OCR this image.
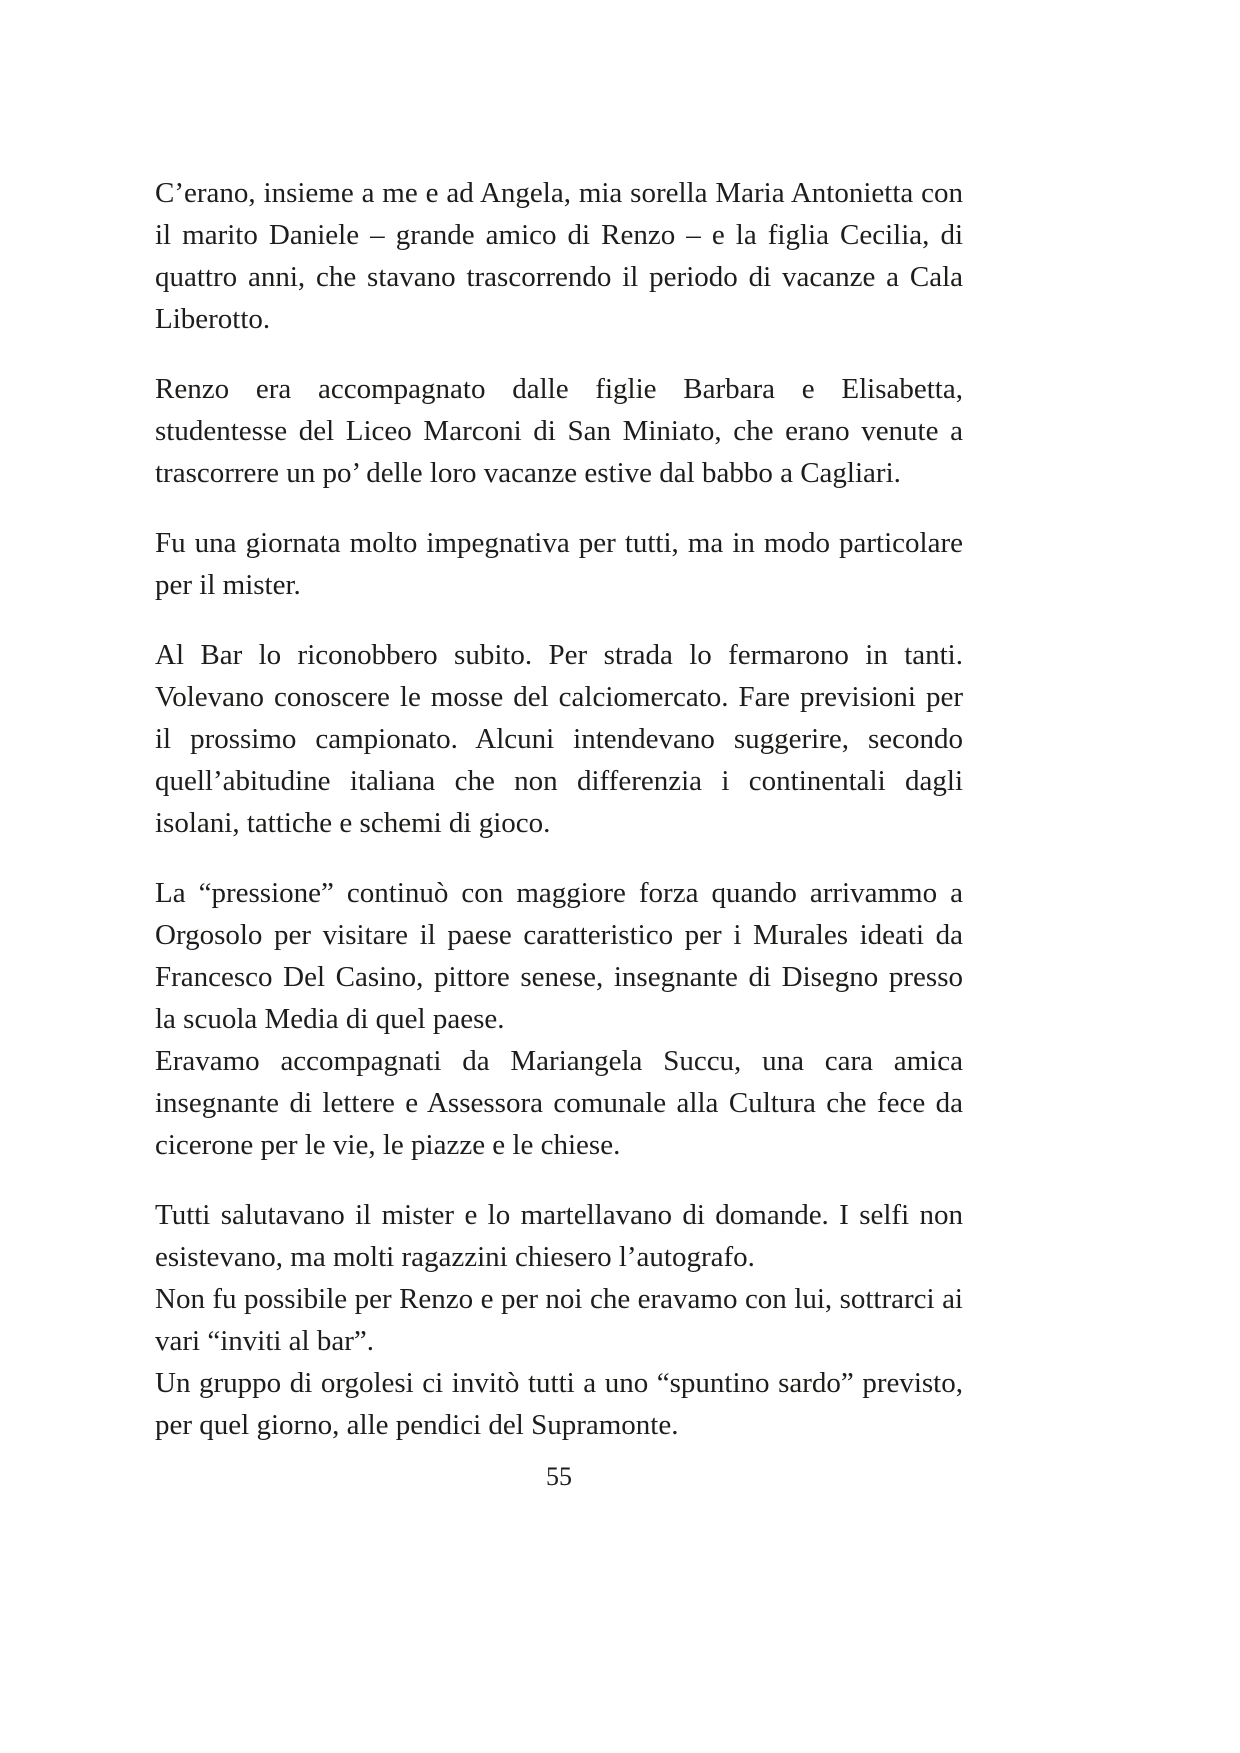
C’erano, insieme a me e ad Angela, mia sorella Maria Antonietta con il marito Daniele – grande amico di Renzo – e la figlia Cecilia, di quattro anni, che stavano trascorrendo il periodo di vacanze a Cala Liberotto.

Renzo era accompagnato dalle figlie Barbara e Elisabetta, studentesse del Liceo Marconi di San Miniato, che erano venute a trascorrere un po’ delle loro vacanze estive dal babbo a Cagliari.

Fu una giornata molto impegnativa per tutti, ma in modo particolare per il mister.

Al Bar lo riconobbero subito. Per strada lo fermarono in tanti. Volevano conoscere le mosse del calciomercato. Fare previsioni per il prossimo campionato. Alcuni intendevano suggerire, secondo quell’abitudine italiana che non differenzia i continentali dagli isolani, tattiche e schemi di gioco.

La “pressione” continuò con maggiore forza quando arrivammo a Orgosolo per visitare il paese caratteristico per i Murales ideati da Francesco Del Casino, pittore senese, insegnante di Disegno presso la scuola Media di quel paese.

Eravamo accompagnati da Mariangela Succu, una cara amica insegnante di lettere e Assessora comunale alla Cultura che fece da cicerone per le vie, le piazze e le chiese.

Tutti salutavano il mister e lo martellavano di domande. I selfi non esistevano, ma molti ragazzini chiesero l’autografo.

Non fu possibile per Renzo e per noi che eravamo con lui, sottrarci ai vari “inviti al bar”.

Un gruppo di orgolesi ci invitò tutti a uno “spuntino sardo” previsto, per quel giorno, alle pendici del Supramonte.

55
